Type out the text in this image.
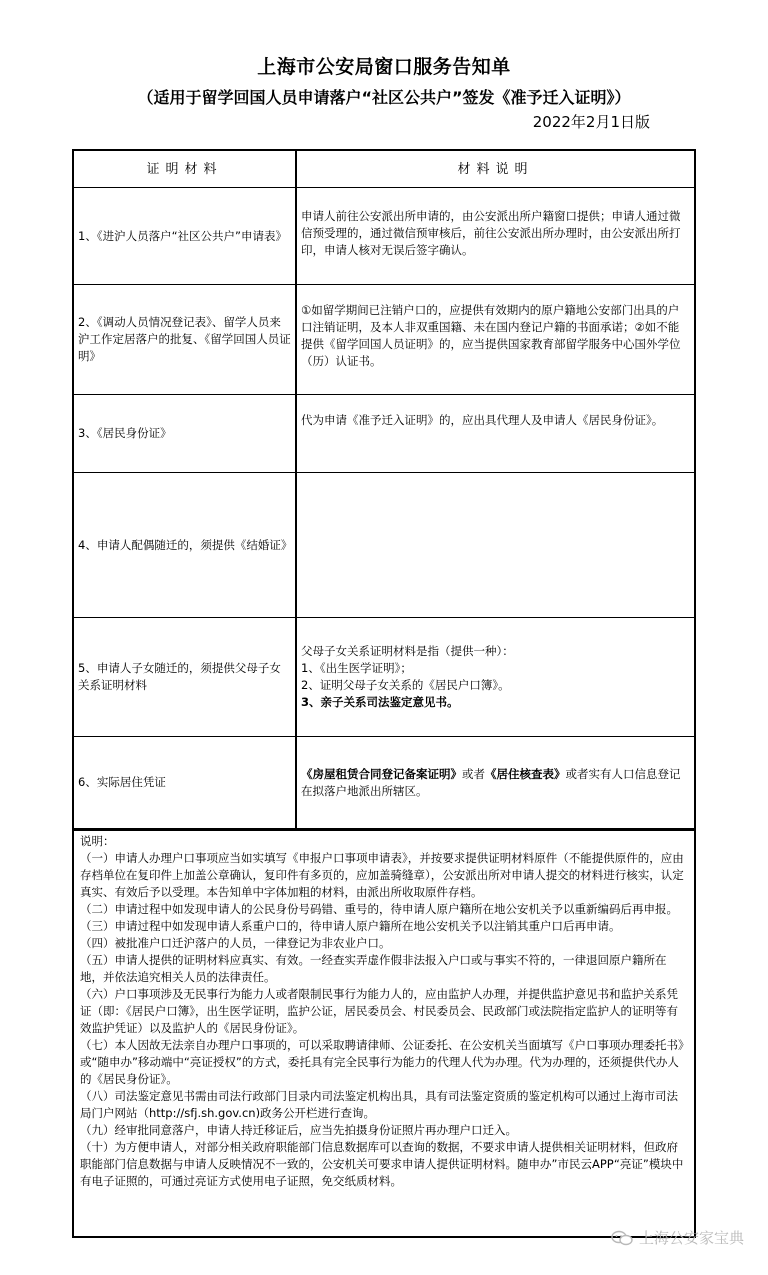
上海市公安局窗口服务告知单
（适用于留学回国人员申请落户“社区公共户”签发《准予迁入证明》）
2022年2月1日版
证明材料	材料说明
1、《进沪人员落户“社区公共户”申请表》	申请人前往公安派出所申请的，由公安派出所户籍窗口提供；申请人通过微信预受理的，通过微信预审核后，前往公安派出所办理时，由公安派出所打印，申请人核对无误后签字确认。
2、《调动人员情况登记表》、留学人员来沪工作定居落户的批复、《留学回国人员证明》	①如留学期间已注销户口的，应提供有效期内的原户籍地公安部门出具的户口注销证明，及本人非双重国籍、未在国内登记户籍的书面承诺；②如不能提供《留学回国人员证明》的，应当提供国家教育部留学服务中心国外学位（历）认证书。
3、《居民身份证》	代为申请《准予迁入证明》的，应出具代理人及申请人《居民身份证》。
4、申请人配偶随迁的，须提供《结婚证》	
5、申请人子女随迁的，须提供父母子女关系证明材料	父母子女关系证明材料是指（提供一种）：
1、《出生医学证明》；
2、证明父母子女关系的《居民户口簿》。
3、亲子关系司法鉴定意见书。

6、实际居住凭证	《房屋租赁合同登记备案证明》或者《居住核查表》或者实有人口信息登记在拟落户地派出所辖区。

说明：

（一）申请人办理户口事项应当如实填写《申报户口事项申请表》，并按要求提供证明材料原件（不能提供原件的，应由存档单位在复印件上加盖公章确认，复印件有多页的，应加盖骑缝章），公安派出所对申请人提交的材料进行核实，认定真实、有效后予以受理。本告知单中字体加粗的材料，由派出所收取原件存档。

（二）申请过程中如发现申请人的公民身份号码错、重号的，待申请人原户籍所在地公安机关予以重新编码后再申报。

（三）申请过程中如发现申请人系重户口的，待申请人原户籍所在地公安机关予以注销其重户口后再申请。

（四）被批准户口迁沪落户的人员，一律登记为非农业户口。

（五）申请人提供的证明材料应真实、有效。一经查实弄虚作假非法报入户口或与事实不符的，一律退回原户籍所在地，并依法追究相关人员的法律责任。

（六）户口事项涉及无民事行为能力人或者限制民事行为能力人的，应由监护人办理，并提供监护意见书和监护关系凭证（即：《居民户口簿》，出生医学证明，监护公证，居民委员会、村民委员会、民政部门或法院指定监护人的证明等有效监护凭证）以及监护人的《居民身份证》。

（七）本人因故无法亲自办理户口事项的，可以采取聘请律师、公证委托、在公安机关当面填写《户口事项办理委托书》或“随申办”移动端中“亮证授权”的方式，委托具有完全民事行为能力的代理人代为办理。代为办理的，还须提供代办人的《居民身份证》。

（八）司法鉴定意见书需由司法行政部门目录内司法鉴定机构出具，具有司法鉴定资质的鉴定机构可以通过上海市司法局门户网站（http://sfj.sh.gov.cn)政务公开栏进行查询。

（九）经审批同意落户，申请人持迁移证后，应当先拍摄身份证照片再办理户口迁入。

（十）为方便申请人，对部分相关政府职能部门信息数据库可以查询的数据，不要求申请人提供相关证明材料，但政府职能部门信息数据与申请人反映情况不一致的，公安机关可要求申请人提供证明材料。随申办”市民云APP“亮证”模块中有电子证照的，可通过亮证方式使用电子证照，免交纸质材料。

上海公安家宝典
